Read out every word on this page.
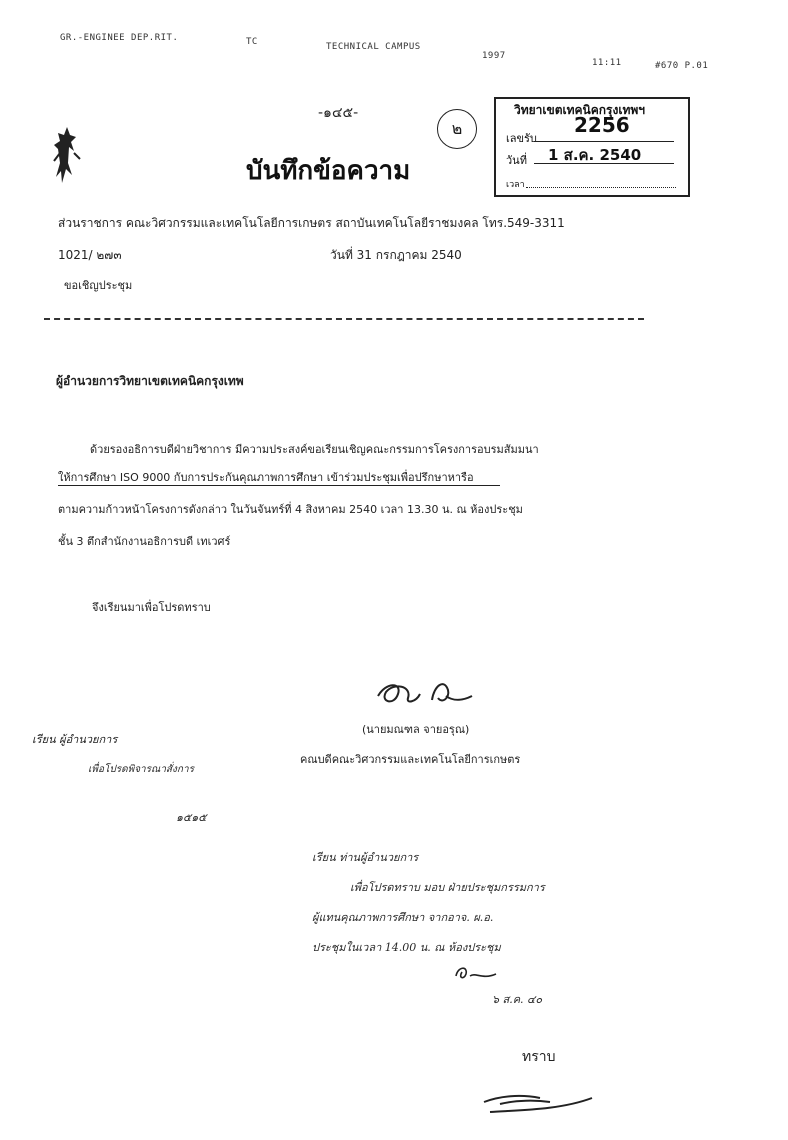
GR.-ENGINEE DEP.RIT.	TC	TECHNICAL CAMPUS
1997
11:11	#670 P.01
-๑๔๕-
๒
บันทึกข้อความ
วิทยาเขตเทคนิคกรุงเทพฯ
เลขรับ
2256
วันที่ 1 ส.ค. 2540
เวลา
ส่วนราชการ คณะวิศวกรรมและเทคโนโลยีการเกษตร สถาบันเทคโนโลยีราชมงคล โทร.549-3311
1021/ ๒๗๓	วันที่ 31 กรกฎาคม 2540
ขอเชิญประชุม
ผู้อำนวยการวิทยาเขตเทคนิคกรุงเทพ
ด้วยรองอธิการบดีฝ่ายวิชาการ มีความประสงค์ขอเรียนเชิญคณะกรรมการโครงการอบรมสัมมนา
ให้การศึกษา ISO 9000 กับการประกันคุณภาพการศึกษา เข้าร่วมประชุมเพื่อปรึกษาหารือ
ตามความก้าวหน้าโครงการดังกล่าว ในวันจันทร์ที่ 4 สิงหาคม 2540 เวลา 13.30 น. ณ ห้องประชุม
ชั้น 3 ตึกสำนักงานอธิการบดี เทเวศร์
จึงเรียนมาเพื่อโปรดทราบ
(นายมณฑล จายอรุณ)
คณบดีคณะวิศวกรรมและเทคโนโลยีการเกษตร
เรียน ผู้อำนวยการ
เพื่อโปรดพิจารณาสั่งการ
๑๕๑๕
เรียน ท่านผู้อำนวยการ
เพื่อโปรดทราบ มอบ ฝ่ายประชุมกรรมการ
ผู้แทนคุณภาพการศึกษา จากอาจ. ผ.อ.
ประชุมในเวลา 14.00 น. ณ ห้องประชุม
๖ ส.ค. ๔๐
ทราบ
